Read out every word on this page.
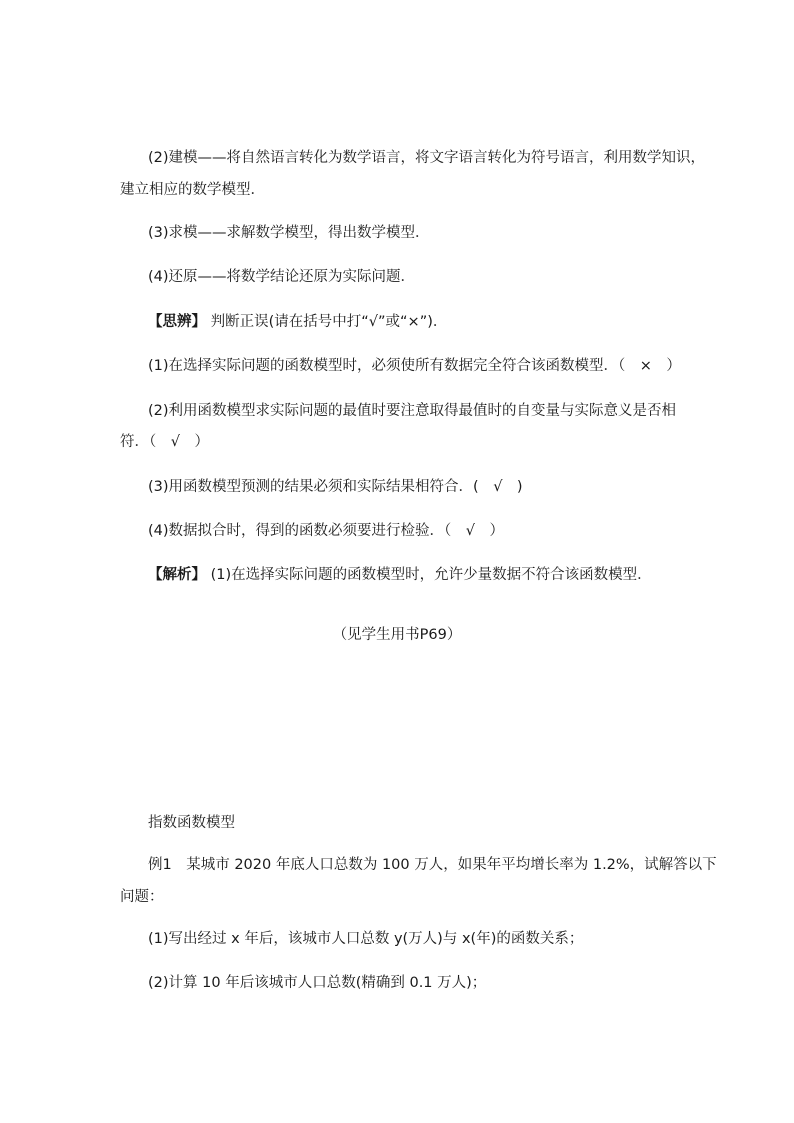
(2)建模——将自然语言转化为数学语言，将文字语言转化为符号语言，利用数学知识，
建立相应的数学模型．
(3)求模——求解数学模型，得出数学模型．
(4)还原——将数学结论还原为实际问题．
【思辨】 判断正误(请在括号中打“√”或“×”)．
(1)在选择实际问题的函数模型时，必须使所有数据完全符合该函数模型．（　×　）
(2)利用函数模型求实际问题的最值时要注意取得最值时的自变量与实际意义是否相
符．（　√　）
(3)用函数模型预测的结果必须和实际结果相符合．(　√　)
(4)数据拟合时，得到的函数必须要进行检验．（　√　）
【解析】 (1)在选择实际问题的函数模型时，允许少量数据不符合该函数模型．
（见学生用书P69）
指数函数模型
例1　某城市 2020 年底人口总数为 100 万人，如果年平均增长率为 1.2%，试解答以下
问题：
(1)写出经过 x 年后，该城市人口总数 y(万人)与 x(年)的函数关系；
(2)计算 10 年后该城市人口总数(精确到 0.1 万人)；
